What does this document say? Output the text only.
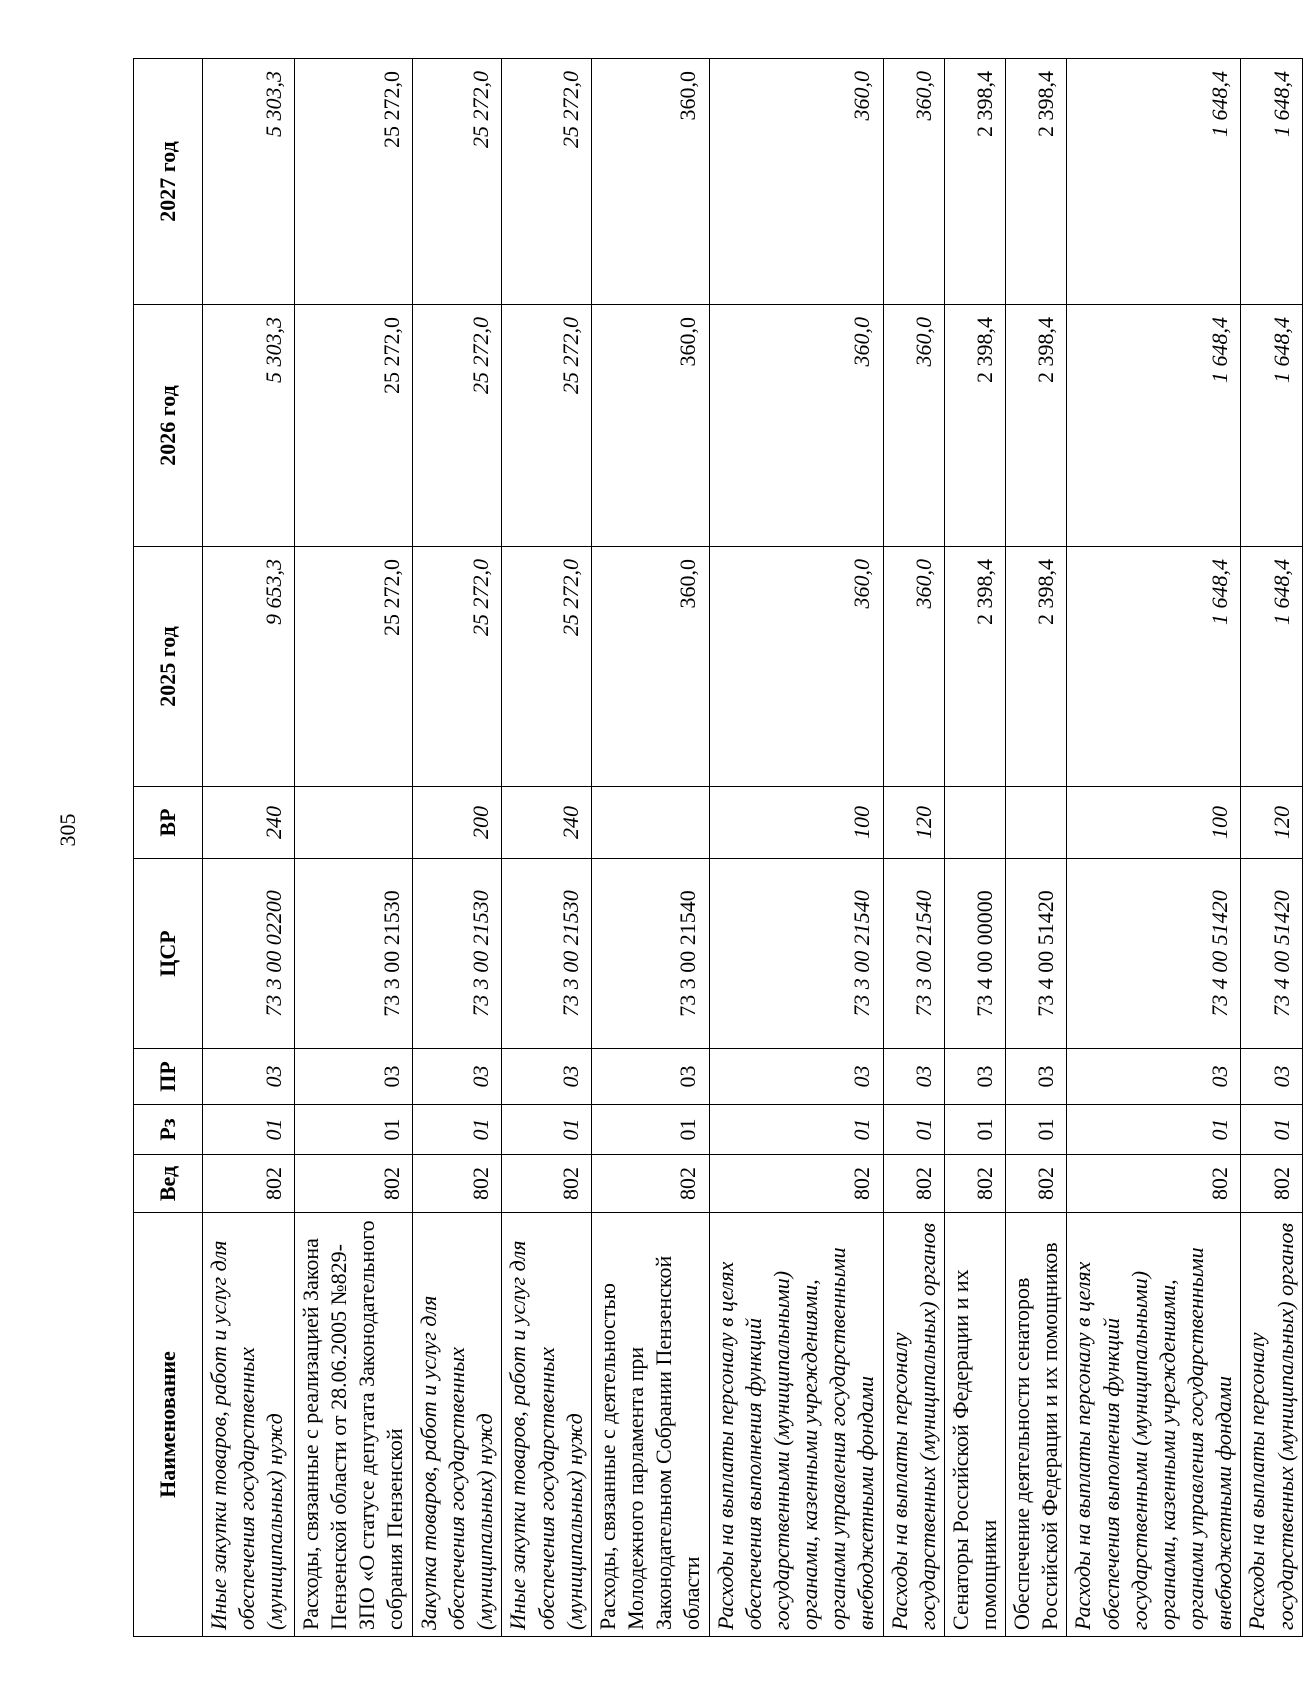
305
Наименование	Вед	Рз	ПР	ЦСР	ВР	2025 год	2026 год	2027 год
Иные закупки товаров, работ и услуг для обеспечения государственных (муниципальных) нужд	802	01	03	73 3 00 02200	240	9 653,3	5 303,3	5 303,3
Расходы, связанные с реализацией Закона Пензенской области от 28.06.2005 №829-ЗПО «О статусе депутата Законодательного собрания Пензенской	802	01	03	73 3 00 21530		25 272,0	25 272,0	25 272,0
Закупка товаров, работ и услуг для обеспечения государственных (муниципальных) нужд	802	01	03	73 3 00 21530	200	25 272,0	25 272,0	25 272,0
Иные закупки товаров, работ и услуг для обеспечения государственных (муниципальных) нужд	802	01	03	73 3 00 21530	240	25 272,0	25 272,0	25 272,0
Расходы, связанные с деятельностью Молодежного парламента при Законодательном Собрании Пензенской области	802	01	03	73 3 00 21540		360,0	360,0	360,0
Расходы на выплаты персоналу в целях обеспечения выполнения функций государственными (муниципальными) органами, казенными учреждениями, органами управления государственными внебюджетными фондами	802	01	03	73 3 00 21540	100	360,0	360,0	360,0
Расходы на выплаты персоналу государственных (муниципальных) органов	802	01	03	73 3 00 21540	120	360,0	360,0	360,0
Сенаторы Российской Федерации и их помощники	802	01	03	73 4 00 00000		2 398,4	2 398,4	2 398,4
Обеспечение деятельности сенаторов Российской Федерации и их помощников	802	01	03	73 4 00 51420		2 398,4	2 398,4	2 398,4
Расходы на выплаты персоналу в целях обеспечения выполнения функций государственными (муниципальными) органами, казенными учреждениями, органами управления государственными внебюджетными фондами	802	01	03	73 4 00 51420	100	1 648,4	1 648,4	1 648,4
Расходы на выплаты персоналу государственных (муниципальных) органов	802	01	03	73 4 00 51420	120	1 648,4	1 648,4	1 648,4
